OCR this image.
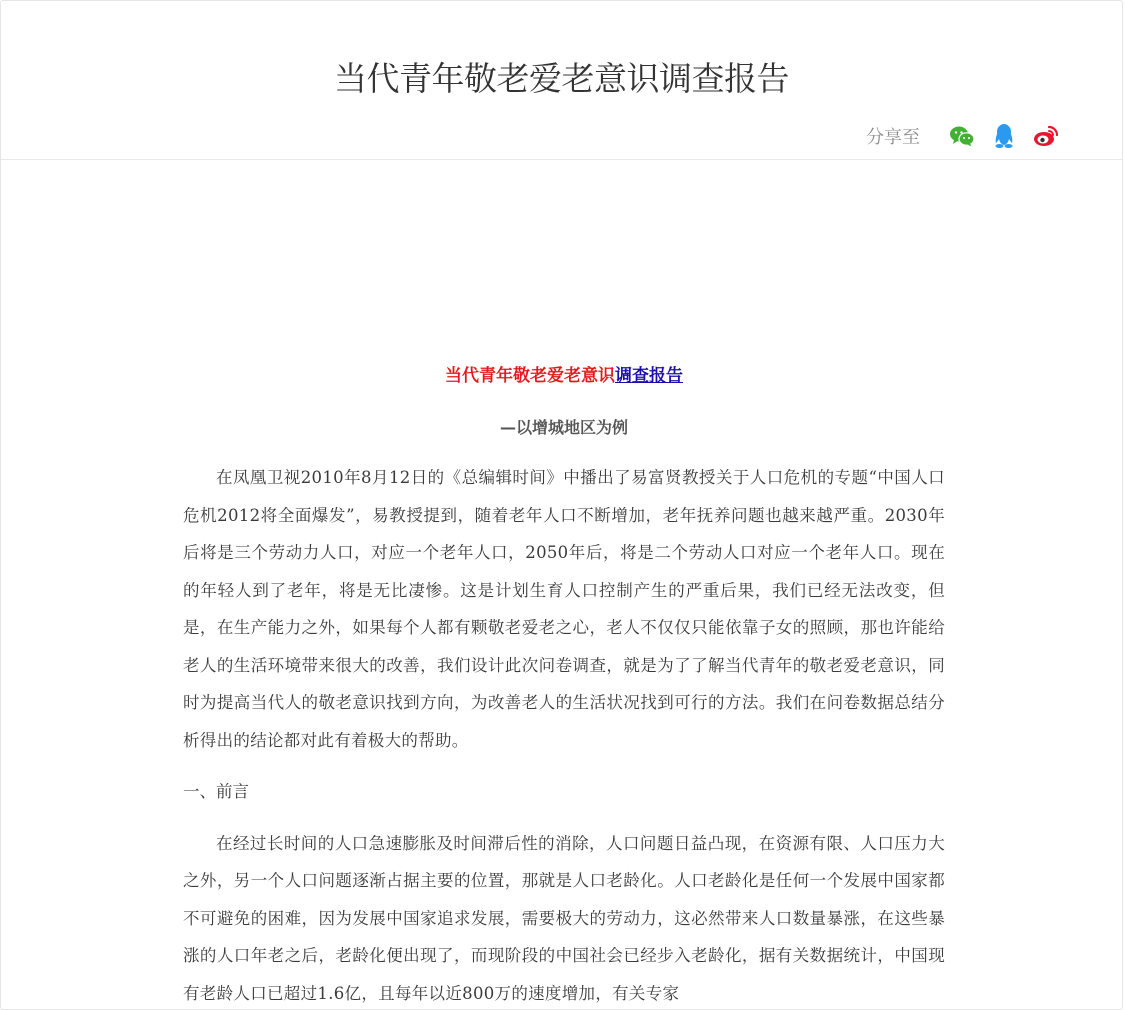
当代青年敬老爱老意识调查报告
分享至

当代青年敬老爱老意识调查报告

—以增城地区为例

在凤凰卫视2010年8月12日的《总编辑时间》中播出了易富贤教授关于人口危机的专题“中国人口危机2012将全面爆发”，易教授提到，随着老年人口不断增加，老年抚养问题也越来越严重。2030年后将是三个劳动力人口，对应一个老年人口，2050年后，将是二个劳动人口对应一个老年人口。现在的年轻人到了老年，将是无比凄惨。这是计划生育人口控制产生的严重后果，我们已经无法改变，但是，在生产能力之外，如果每个人都有颗敬老爱老之心，老人不仅仅只能依靠子女的照顾，那也许能给老人的生活环境带来很大的改善，我们设计此次问卷调查，就是为了了解当代青年的敬老爱老意识，同时为提高当代人的敬老意识找到方向，为改善老人的生活状况找到可行的方法。我们在问卷数据总结分析得出的结论都对此有着极大的帮助。

一、前言

在经过长时间的人口急速膨胀及时间滞后性的消除，人口问题日益凸现，在资源有限、人口压力大之外，另一个人口问题逐渐占据主要的位置，那就是人口老龄化。人口老龄化是任何一个发展中国家都不可避免的困难，因为发展中国家追求发展，需要极大的劳动力，这必然带来人口数量暴涨，在这些暴涨的人口年老之后，老龄化便出现了，而现阶段的中国社会已经步入老龄化，据有关数据统计，中国现有老龄人口已超过1.6亿，且每年以近800万的速度增加，有关专家
